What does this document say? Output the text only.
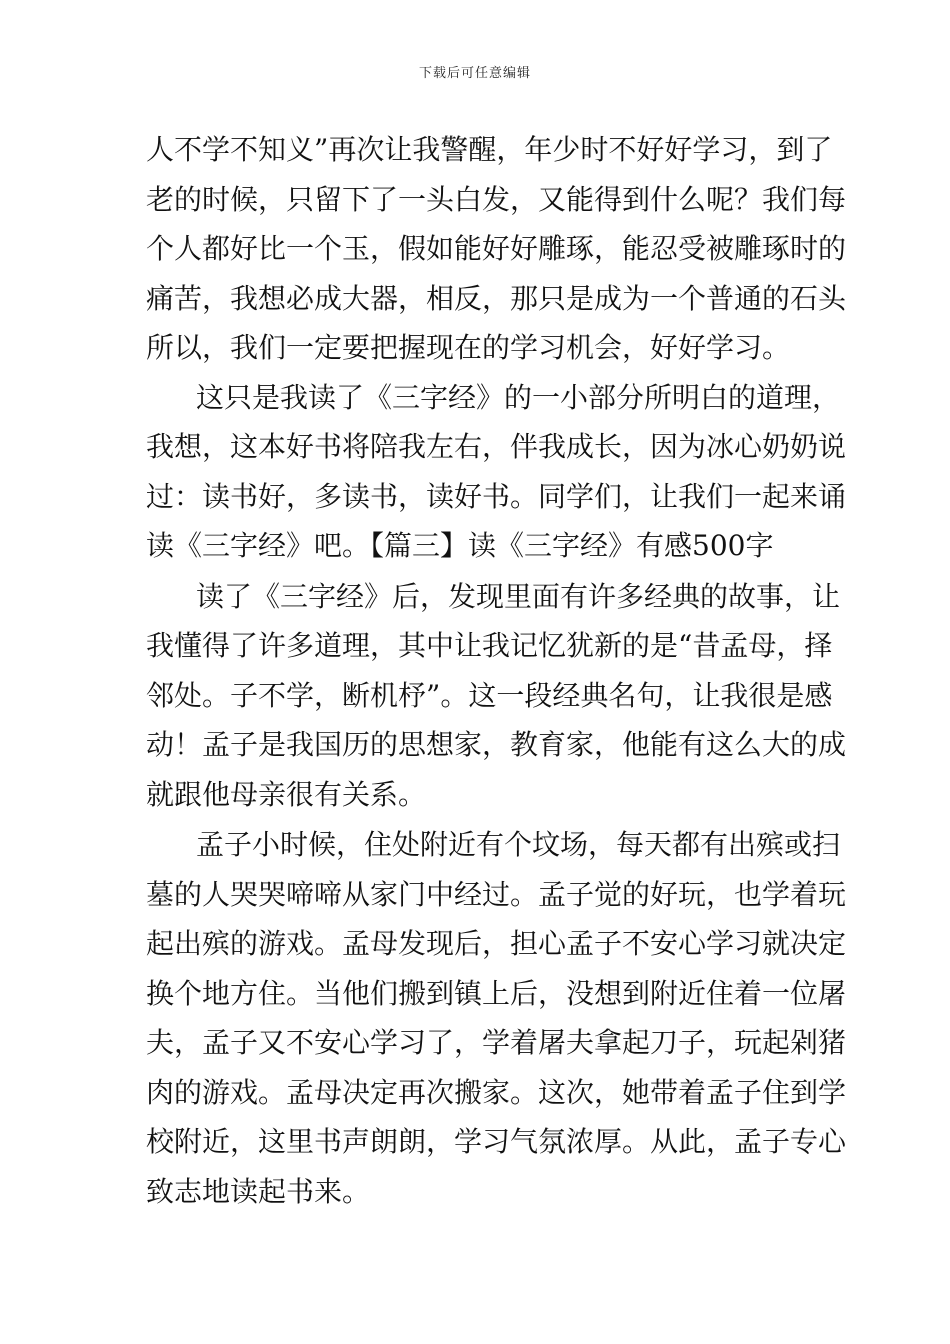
下载后可任意编辑
人不学不知义”再次让我警醒，年少时不好好学习，到了
老的时候，只留下了一头白发，又能得到什么呢？我们每
个人都好比一个玉，假如能好好雕琢，能忍受被雕琢时的
痛苦，我想必成大器，相反，那只是成为一个普通的石头
所以，我们一定要把握现在的学习机会，好好学习。
这只是我读了《三字经》的一小部分所明白的道理，
我想，这本好书将陪我左右，伴我成长，因为冰心奶奶说
过：读书好，多读书，读好书。同学们，让我们一起来诵
读《三字经》吧。【篇三】读《三字经》有感500字
读了《三字经》后，发现里面有许多经典的故事，让
我懂得了许多道理，其中让我记忆犹新的是“昔孟母，择
邻处。子不学，断机杼”。这一段经典名句，让我很是感
动！孟子是我国历的思想家，教育家，他能有这么大的成
就跟他母亲很有关系。
孟子小时候，住处附近有个坟场，每天都有出殡或扫
墓的人哭哭啼啼从家门中经过。孟子觉的好玩，也学着玩
起出殡的游戏。孟母发现后，担心孟子不安心学习就决定
换个地方住。当他们搬到镇上后，没想到附近住着一位屠
夫，孟子又不安心学习了，学着屠夫拿起刀子，玩起剁猪
肉的游戏。孟母决定再次搬家。这次，她带着孟子住到学
校附近，这里书声朗朗，学习气氛浓厚。从此，孟子专心
致志地读起书来。
